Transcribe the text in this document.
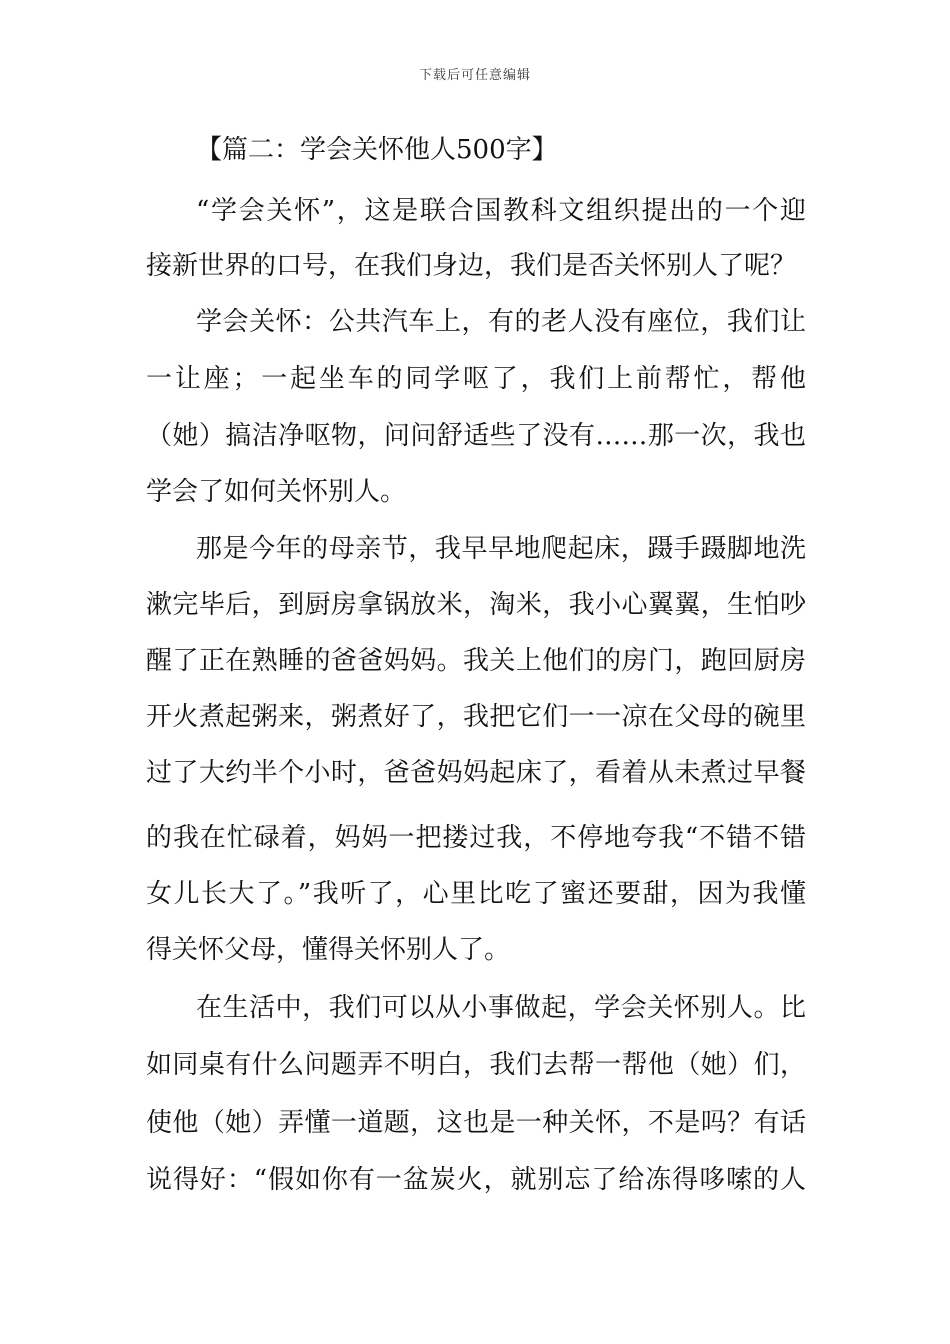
下载后可任意编辑
【篇二：学会关怀他人500字】
“学会关怀”，这是联合国教科文组织提出的一个迎
接新世界的口号，在我们身边，我们是否关怀别人了呢？
学会关怀：公共汽车上，有的老人没有座位，我们让
一让座；一起坐车的同学呕了，我们上前帮忙，帮他
（她）搞洁净呕物，问问舒适些了没有……那一次，我也
学会了如何关怀别人。
那是今年的母亲节，我早早地爬起床，蹑手蹑脚地洗
漱完毕后，到厨房拿锅放米，淘米，我小心翼翼，生怕吵
醒了正在熟睡的爸爸妈妈。我关上他们的房门，跑回厨房
开火煮起粥来，粥煮好了，我把它们一一凉在父母的碗里
过了大约半个小时，爸爸妈妈起床了，看着从未煮过早餐
的我在忙碌着，妈妈一把搂过我，不停地夸我“不错不错
女儿长大了。”我听了，心里比吃了蜜还要甜，因为我懂
得关怀父母，懂得关怀别人了。
在生活中，我们可以从小事做起，学会关怀别人。比
如同桌有什么问题弄不明白，我们去帮一帮他（她）们，
使他（她）弄懂一道题，这也是一种关怀，不是吗？有话
说得好：“假如你有一盆炭火，就别忘了给冻得哆嗦的人
